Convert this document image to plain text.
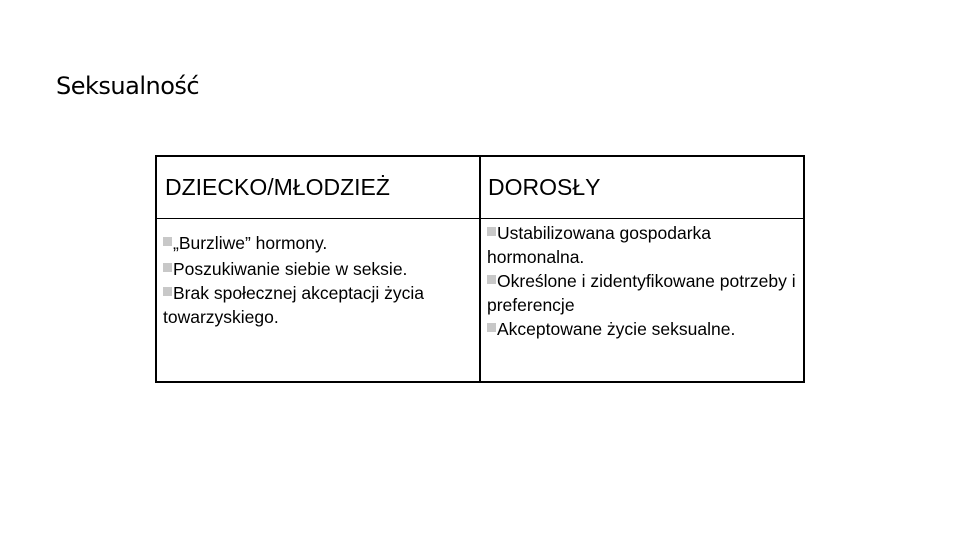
Seksualność
DZIECKO/MŁODZIEŻ	DOROSŁY

„Burzliwe” hormony.

Poszukiwanie siebie w seksie.

Brak społecznej akceptacji życia towarzyskiego.

Ustabilizowana gospodarka hormonalna.

Określone i zidentyfikowane potrzeby i preferencje

Akceptowane życie seksualne.
